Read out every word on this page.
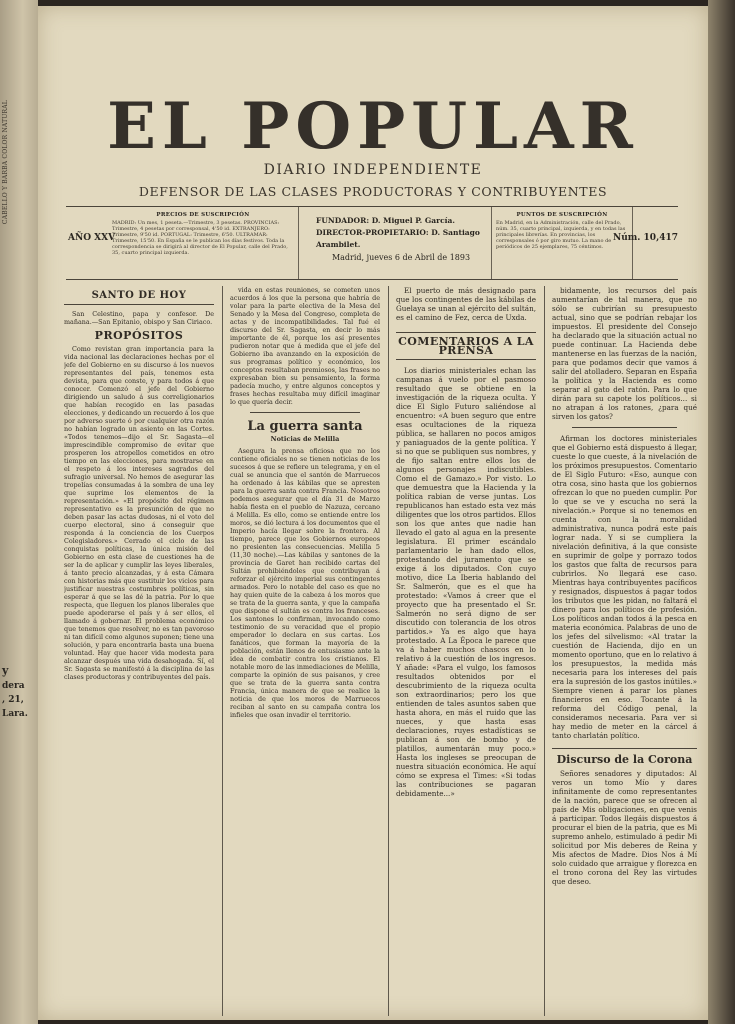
CABELLO Y BARBA COLOR NATURAL
y
dera
, 21,
Lara.
EL POPULAR
DIARIO INDEPENDIENTE
DEFENSOR DE LAS CLASES PRODUCTORAS Y CONTRIBUYENTES
AÑO XXV
PRECIOS DE SUSCRIPCIÓN
MADRID: Un mes, 1 peseta.—Trimestre, 3 pesetas. PROVINCIAS: Trimestre, 4 pesetas por corresponsal, 4'50 id. EXTRANJERO: Trimestre, 9'50 id. PORTUGAL: Trimestre, 6'50. ULTRAMAR: Trimestre, 15'50. En España se le publican los días festivos. Toda la correspondencia se dirigirá al director de El Popular, calle del Prado, 35, cuarto principal izquierda.
FUNDADOR: D. Miguel P. García.
DIRECTOR-PROPIETARIO: D. Santiago Arambilet.
Madrid, jueves 6 de Abril de 1893
PUNTOS DE SUSCRIPCIÓN
En Madrid, en la Administración, calle del Prado, núm. 35, cuarto principal, izquierda, y en todas las principales librerías. En provincias, los corresponsales ó por giro mutuo. La mano de periódicos de 25 ejemplares, 75 céntimos.
Núm. 10,417
SANTO DE HOY

San Celestino, papa y confesor. De mañana.—San Epitanio, obispo y San Ciriaco.

PROPÓSITOS

Como revistan gran importancia para la vida nacional las declaraciones hechas por el jefe del Gobierno en su discurso á los nuevos representantes del país, tenemos esta devista, para que conste, y para todos á que conocer. Comenzó el jefe del Gobierno dirigiendo un saludo á sus correligionarios que habían recogido en las pasadas elecciones, y dedicando un recuerdo á los que por adverso suerte ó por cualquier otra razón no habían logrado un asiento en las Cortes. «Todos tenemos—dijo el Sr. Sagasta—el imprescindible compromiso de evitar que prosperen los atropellos cometidos en otro tiempo en las elecciones, para mostrarse en el respeto á los intereses sagrados del sufragio universal. No hemos de asegurar las tropelías consumadas á la sombra de una ley que suprime los elementos de la representación.» «El propósito del régimen representativo es la presunción de que no deben pasar las actas dudosas, ni el voto del cuerpo electoral, sino á conseguir que responda á la conciencia de los Cuerpos Colegisladores.» Cerrado el ciclo de las conquistas políticas, la única misión del Gobierno en esta clase de cuestiones ha de ser la de aplicar y cumplir las leyes liberales, á tanto precio alcanzadas, y á esta Cámara con historias más que sustituir los vicios para justificar nuestras costumbres políticas, sin esperar á que se las dé la patria. Por lo que respecta, que lleguen los planos liberales que puede apoderarse el país y á ser ellos, el llamado á gobernar. El problema económico que tenemos que resolver, no es tan pavoroso ni tan difícil como algunos suponen; tiene una solución, y para encontrarla basta una buena voluntad. Hay que hacer vida modesta para alcanzar después una vida desahogada. Sí, el Sr. Sagasta se manifestó á la disciplina de las clases productoras y contribuyentes del país.

vida en estas reuniones, se cometen unos acuerdos á los que la persona que habría de volar para la parte electiva de la Mesa del Senado y la Mesa del Congreso, completa de actas y de incompatibilidades. Tal fué el discurso del Sr. Sagasta, en decir lo más importante de él, porque los así presentes pudieron notar que á medida que el jefe del Gobierno iba avanzando en la exposición de sus programas político y económico, los conceptos resultaban premiosos, las frases no expresaban bien su pensamiento, la forma padecía mucho, y entre algunos conceptos y frases hechas resultaba muy difícil imaginar lo que quería decir.

La guerra santa
Noticias de Melilla

Asegura la prensa oficiosa que no los contiene oficiales no se tienen noticias de los sucesos á que se refiere un telegrama, y en el cual se anuncia que el santón de Marruecos ha ordenado á las kábilas que se apresten para la guerra santa contra Francia. Nosotros podemos asegurar que el día 31 de Marzo había fiesta en el pueblo de Nazuza, cercano á Melilla. Es ello, como se entiende entre los moros, se dió lectura á los documentos que el Imperio hacía llegar sobre la frontera. Al tiempo, parece que los Gobiernos europeos no presienten las consecuencias. Melilla 5 (11,30 noche).—Las kábilas y santones de la provincia de Garet han recibido cartas del Sultán prohibiéndoles que contribuyan á reforzar el ejército imperial sus contingentes armados. Pero lo notable del caso es que no hay quien quite de la cabeza á los moros que se trata de la guerra santa, y que la campaña que dispone el sultán es contra los franceses. Los santones lo confirman, invocando como testimonio de su veracidad que el propio emperador lo declara en sus cartas. Los fanáticos, que forman la mayoría de la población, están llenos de entusiasmo ante la idea de combatir contra los cristianos. El notable moro de las inmediaciones de Melilla, comparte la opinión de sus paisanos, y cree que se trata de la guerra santa contra Francia, única manera de que se realice la noticia de que los moros de Marruecos reciban al santo en su campaña contra los infieles que osan invadir el territorio.

El puerto de más designado para que los contingentes de las kábilas de Guelaya se unan al ejército del sultán, es el camino de Fez, cerca de Uxda.

COMENTARIOS A LA PRENSA

Los diarios ministeriales echan las campanas á vuelo por el pasmoso resultado que se obtiene en la investigación de la riqueza oculta. Y dice El Siglo Futuro saliéndose al encuentro: «A buen seguro que entre esas ocultaciones de la riqueza pública, se hallaren no pocos amigos y paniaguados de la gente política. Y si no que se publiquen sus nombres, y de fijo saltan entre ellos los de algunos personajes indiscutibles. Como el de Gamazo.» Por visto. Lo que demuestra que la Hacienda y la política rabian de verse juntas. Los republicanos han estado esta vez más diligentes que los otros partidos. Ellos son los que antes que nadie han llevado el gato al agua en la presente legislatura. El primer escándalo parlamentario le han dado ellos, protestando del juramento que se exige á los diputados. Con cuyo motivo, dice La Iberia hablando del Sr. Salmerón, que es el que ha protestado: «Vamos á creer que el proyecto que ha presentado el Sr. Salmerón no será digno de ser discutido con tolerancia de los otros partidos.» Ya es algo que haya protestado. A La Época le parece que va á haber muchos chascos en lo relativo á la cuestión de los ingresos. Y añade: «Para el vulgo, los famosos resultados obtenidos por el descubrimiento de la riqueza oculta son extraordinarios; pero los que entienden de tales asuntos saben que hasta ahora, en más el ruido que las nueces, y que hasta esas declaraciones, ruyes estadísticas se publican á son de bombo y de platillos, aumentarán muy poco.» Hasta los ingleses se preocupan de nuestra situación económica. He aquí cómo se expresa el Times: «Si todas las contribuciones se pagaran debidamente...»

bidamente, los recursos del país aumentarían de tal manera, que no sólo se cubrirían su presupuesto actual, sino que se podrían rebajar los impuestos. El presidente del Consejo ha declarado que la situación actual no puede continuar. La Hacienda debe mantenerse en las fuerzas de la nación, para que podamos decir que vamos á salir del atolladero. Separan en España la política y la Hacienda es como separar al gato del ratón. Para lo que dirán para su capote los políticos... si no atrapan á los ratones, ¿para qué sirven los gatos?

Afirman los doctores ministeriales que el Gobierno está dispuesto á llegar, cueste lo que cueste, á la nivelación de los próximos presupuestos. Comentario de El Siglo Futuro: «Eso, aunque con otra cosa, sino hasta que los gobiernos ofrezcan lo que no pueden cumplir. Por lo que se ve y escucha no será la nivelación.» Porque si no tenemos en cuenta con la moralidad administrativa, nunca podrá este país lograr nada. Y si se cumpliera la nivelación definitiva, á la que consiste en suprimir de golpe y porrazo todos los gastos que falta de recursos para cubrirlos. No llegará ese caso. Mientras haya contribuyentes pacíficos y resignados, dispuestos á pagar todos los tributos que les pidan, no faltará el dinero para los políticos de profesión. Los políticos andan todos á la pesca en materia económica. Palabras de uno de los jefes del silvelismo: «Al tratar la cuestión de Hacienda, dijo en un momento oportuno, que en lo relativo á los presupuestos, la medida más necesaria para los intereses del país era la supresión de los gastos inútiles.» Siempre vienen á parar los planes financieros en eso. Tocante á la reforma del Código penal, la consideramos necesaria. Para ver si hay medio de meter en la cárcel á tanto charlatán político.

Discurso de la Corona

Señores senadores y diputados: Al veros un tomo Mío y dares infinitamente de como representantes de la nación, parece que se ofrecen al país de Mis obligaciones, en que venis á participar. Todos llegáis dispuestos á procurar el bien de la patria, que es Mi supremo anhelo, estimulado á pedir Mi solicitud por Mis deberes de Reina y Mis afectos de Madre. Dios Nos á Mí solo cuidado que arraigue y florezca en el trono corona del Rey las virtudes que deseo.
